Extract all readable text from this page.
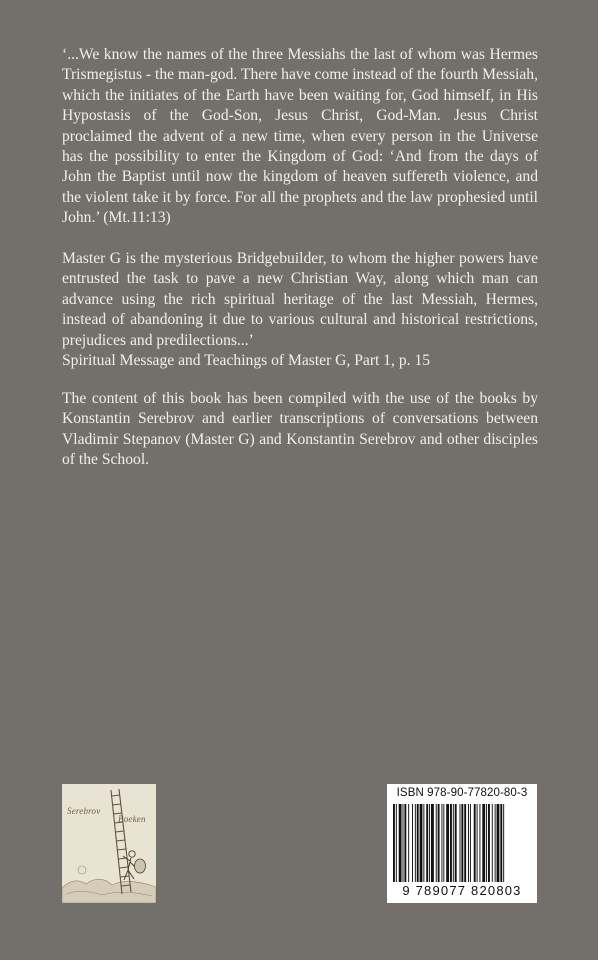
‘...We know the names of the three Messiahs the last of whom was Hermes Trismegistus - the man-god. There have come instead of the fourth Messiah, which the initiates of the Earth have been waiting for, God himself, in His Hypostasis of the God-Son, Jesus Christ, God-Man. Jesus Christ proclaimed the advent of a new time, when every person in the Universe has the possibility to enter the Kingdom of God: ‘And from the days of John the Baptist until now the kingdom of heaven suffereth violence, and the violent take it by force. For all the prophets and the law prophesied until John.’ (Mt.11:13)

Master G is the mysterious Bridgebuilder, to whom the higher powers have entrusted the task to pave a new Christian Way, along which man can advance using the rich spiritual heritage of the last Messiah, Hermes, instead of abandoning it due to various cultural and historical restrictions, prejudices and predilections...’
Spiritual Message and Teachings of Master G, Part 1, p. 15

The content of this book has been compiled with the use of the books by Konstantin Serebrov and earlier transcriptions of conversations between Vladimir Stepanov (Master G) and Konstantin Serebrov and other disciples of the School.

Serebrov
Boeken
ISBN 978-90-77820-80-3
9 789077 820803
